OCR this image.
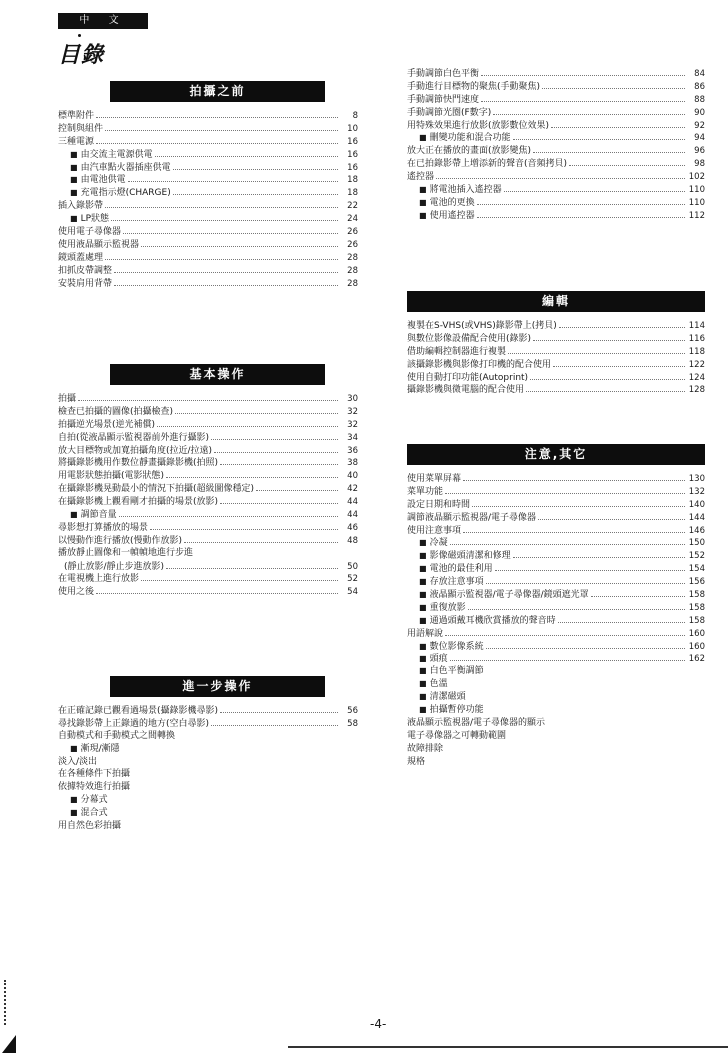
中 文
目錄
拍攝之前
標準附件	8
控制與組件	10
三種電源	16
■ 由交流主電源供電	16
■ 由汽車點火器插座供電	16
■ 由電池供電	18
■ 充電指示燈(CHARGE)	18
插入錄影帶	22
■ LP狀態	24
使用電子尋像器	26
使用液晶顯示監視器	26
鏡頭蓋處理	28
扣抓皮帶調整	28
安裝肩用背帶	28
基本操作
拍攝	30
檢查已拍攝的圖像(拍攝檢查)	32
拍攝逆光場景(逆光補償)	32
自拍(從液晶顯示監視器前外進行攝影)	34
放大目標物或加寬拍攝角度(拉近/拉遠)	36
將攝錄影機用作數位靜畫攝錄影機(拍照)	38
用電影狀態拍攝(電影狀態)	40
在攝錄影機晃動最小的情況下拍攝(超級圖像穩定)	42
在攝錄影機上觀看剛才拍攝的場景(放影)	44
■ 調節音量	44
尋影想打算播放的場景	46
以慢動作進行播放(慢動作放影)	48
播放靜止圖像和一幀幀地進行步進
(靜止放影/靜止步進放影)	50
在電視機上進行放影	52
使用之後	54
進一步操作
在正確記錄已觀看過場景(攝錄影機尋影)	56
尋找錄影帶上正錄過的地方(空白尋影)	58
自動模式和手動模式之間轉換
■ 漸現/漸隱
淡入/淡出
在各種條件下拍攝
依據特效進行拍攝
■ 分幕式
■ 混合式
用自然色彩拍攝
手動調節白色平衡	84
手動進行目標物的聚焦(手動聚焦)	86
手動調節快門速度	88
手動調節光圈(F數字)	90
用特殊效果進行放影(放影數位效果)	92
■ 刪變功能和混合功能	94
放大正在播放的畫面(放影變焦)	96
在已拍錄影帶上增添新的聲音(音頻拷貝)	98
遙控器	102
■ 將電池插入遙控器	110
■ 電池的更換	110
■ 使用遙控器	112
編輯
複製在S-VHS(或VHS)錄影帶上(拷貝)	114
與數位影像設備配合使用(錄影)	116
借助編輯控制器進行複製	118
該攝錄影機與影像打印機的配合使用	122
使用自動打印功能(Autoprint)	124
攝錄影機與微電腦的配合使用	128
注意,其它
使用菜單屏幕	130
菜單功能	132
設定日期和時間	140
調節液晶顯示監視器/電子尋像器	144
使用注意事項	146
■ 冷凝	150
■ 影像磁頭清潔和修理	152
■ 電池的最佳利用	154
■ 存放注意事項	156
■ 液晶顯示監視器/電子尋像器/鏡頭遮光罩	158
■ 重復放影	158
■ 通過頭戴耳機欣賞播放的聲音時	158
用語解說	160
■ 數位影像系統	160
■ 頭痕	162
■ 白色平衡調節
■ 色溫
■ 清潔磁頭
■ 拍攝暫停功能
液晶顯示監視器/電子尋像器的顯示
電子尋像器之可轉動範圍
故障排除
規格
-4-
